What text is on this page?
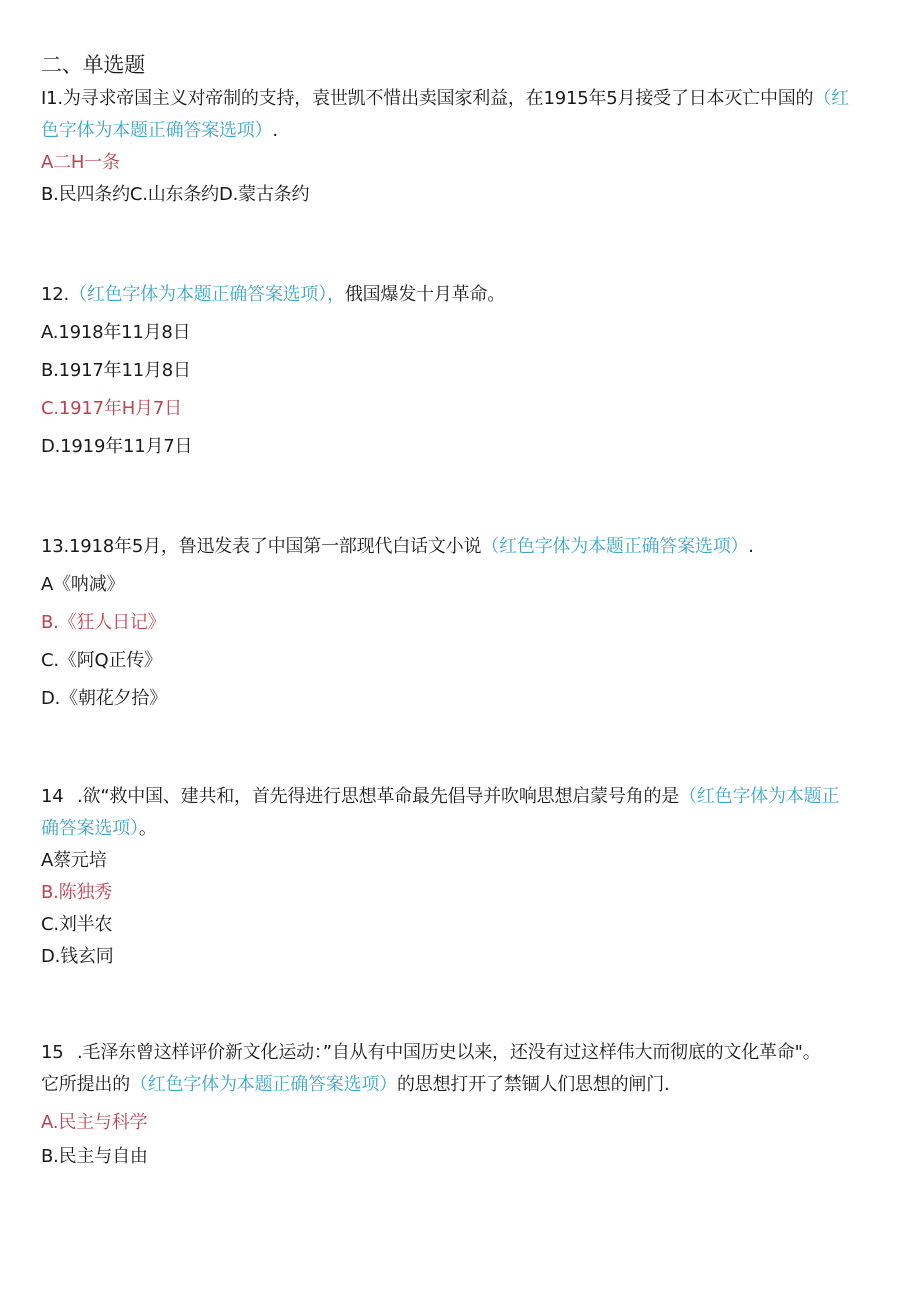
二、单选题
I1.为寻求帝国主义对帝制的支持，袁世凯不惜出卖国家利益，在1915年5月接受了日本灭亡中国的（红
色字体为本题正确答案选项）.
A二H一条
B.民四条约C.山东条约D.蒙古条约
12.（红色字体为本题正确答案选项），俄国爆发十月革命。
A.1918年11月8日
B.1917年11月8日
C.1917年H月7日
D.1919年11月7日
13.1918年5月，鲁迅发表了中国第一部现代白话文小说（红色字体为本题正确答案选项）.
A《呐减》
B.《狂人日记》
C.《阿Q正传》
D.《朝花夕拾》
14 .欲“救中国、建共和，首先得进行思想革命最先倡导并吹响思想启蒙号角的是（红色字体为本题正
确答案选项）。
A蔡元培
B.陈独秀
C.刘半农
D.钱玄同
15 .毛泽东曾这样评价新文化运动：”自从有中国历史以来，还没有过这样伟大而彻底的文化革命"。
它所提出的（红色字体为本题正确答案选项）的思想打开了禁锢人们思想的闸门.
A.民主与科学
B.民主与自由
